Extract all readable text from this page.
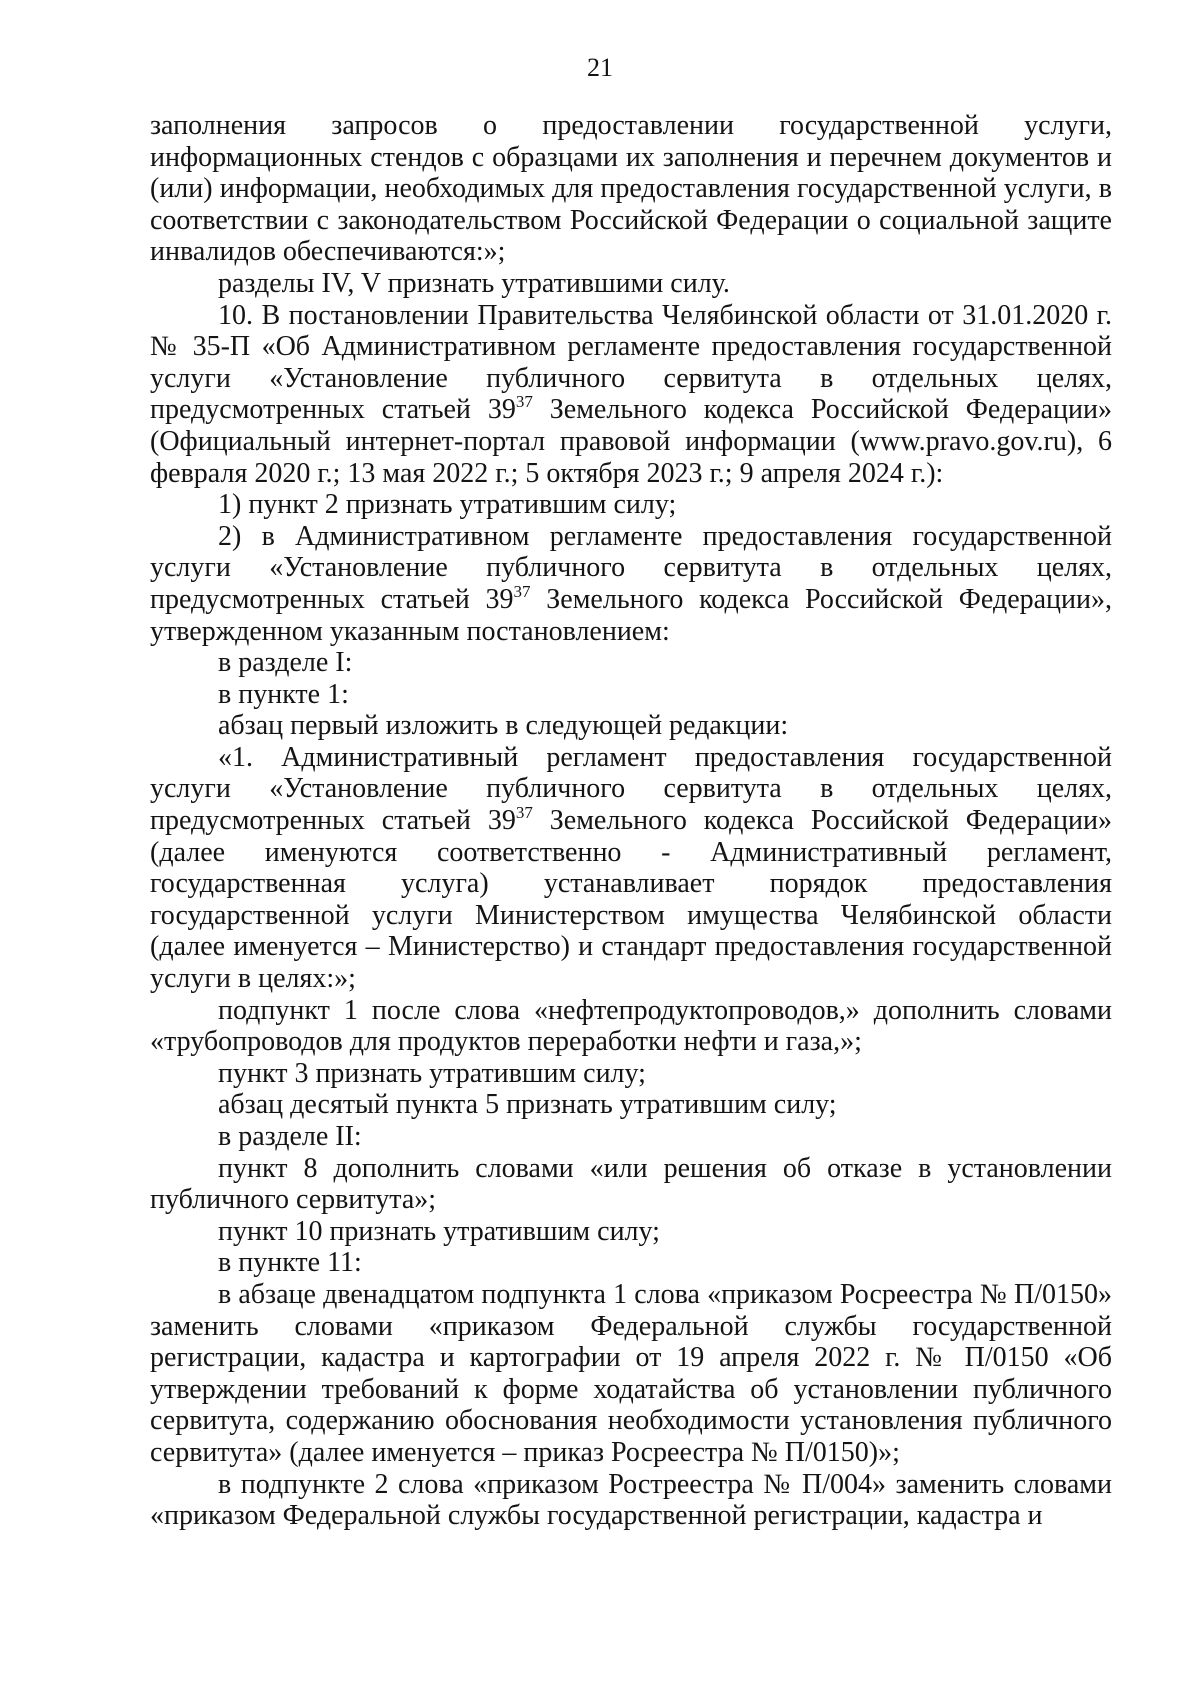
21

заполнения запросов о предоставлении государственной услуги, информационных стендов с образцами их заполнения и перечнем документов и (или) информации, необходимых для предоставления государственной услуги, в соответствии с законодательством Российской Федерации о социальной защите инвалидов обеспечиваются:»;

разделы IV, V признать утратившими силу.

10. В постановлении Правительства Челябинской области от 31.01.2020 г. № 35-П «Об Административном регламенте предоставления государственной услуги «Установление публичного сервитута в отдельных целях, предусмотренных статьей $39^{37}$ Земельного кодекса Российской Федерации» (Официальный интернет-портал правовой информации (www.pravo.gov.ru), 6 февраля 2020 г.; 13 мая 2022 г.; 5 октября 2023 г.; 9 апреля 2024 г.):

1) пункт 2 признать утратившим силу;

2) в Административном регламенте предоставления государственной услуги «Установление публичного сервитута в отдельных целях, предусмотренных статьей $39^{37}$ Земельного кодекса Российской Федерации», утвержденном указанным постановлением:

в разделе I:

в пункте 1:

абзац первый изложить в следующей редакции:

«1. Административный регламент предоставления государственной услуги «Установление публичного сервитута в отдельных целях, предусмотренных статьей $39^{37}$ Земельного кодекса Российской Федерации» (далее именуются соответственно - Административный регламент, государственная услуга) устанавливает порядок предоставления государственной услуги Министерством имущества Челябинской области (далее именуется – Министерство) и стандарт предоставления государственной услуги в целях:»;

подпункт 1 после слова «нефтепродуктопроводов,» дополнить словами «трубопроводов для продуктов переработки нефти и газа,»;

пункт 3 признать утратившим силу;

абзац десятый пункта 5 признать утратившим силу;

в разделе II:

пункт 8 дополнить словами «или решения об отказе в установлении публичного сервитута»;

пункт 10 признать утратившим силу;

в пункте 11:

в абзаце двенадцатом подпункта 1 слова «приказом Росреестра № П/0150» заменить словами «приказом Федеральной службы государственной регистрации, кадастра и картографии от 19 апреля 2022 г. № П/0150 «Об утверждении требований к форме ходатайства об установлении публичного сервитута, содержанию обоснования необходимости установления публичного сервитута» (далее именуется – приказ Росреестра № П/0150)»;

в подпункте 2 слова «приказом Ростреестра № П/004» заменить словами «приказом Федеральной службы государственной регистрации, кадастра и
